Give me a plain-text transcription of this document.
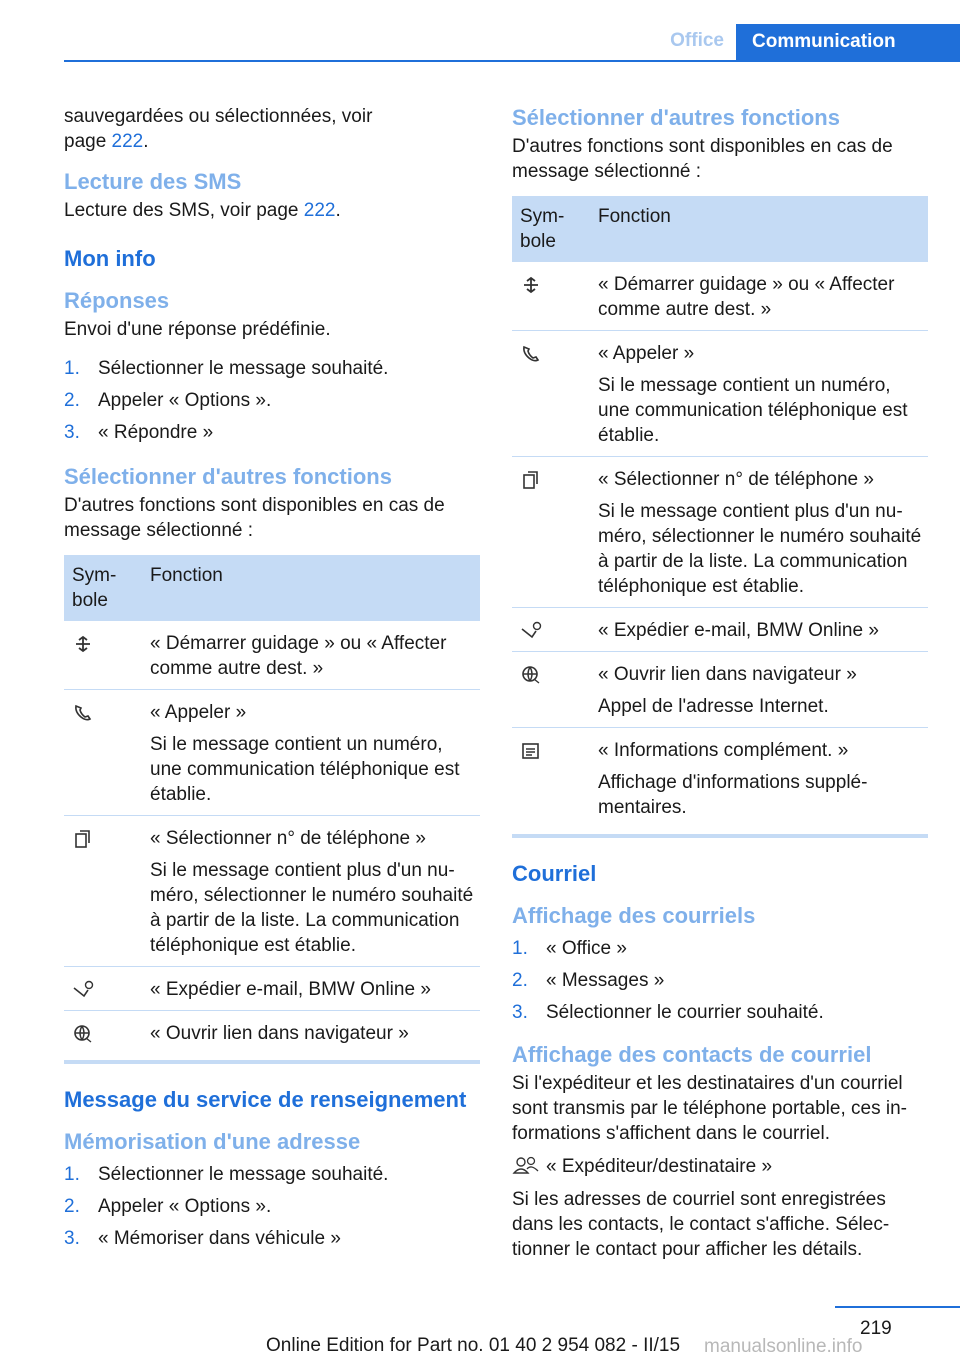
Office	Communication

sauvegardées ou sélectionnées, voir
page 222.

Lecture des SMS

Lecture des SMS, voir page 222.

Mon info
Réponses

Envoi d'une réponse prédéfinie.

1. Sélectionner le message souhaité.
2. Appeler « Options ».
3. « Répondre »
Sélectionner d'autres fonctions

D'autres fonctions sont disponibles en cas de message sélectionné :

Sym-
bole	Fonction

« Démarrer guidage » ou « Affecter comme autre dest. »

« Appeler »
Si le message contient un numéro, une communication téléphonique est établie.

« Sélectionner n° de téléphone »
Si le message contient plus d'un numéro, sélectionner le numéro souhaité à partir de la liste. La communication téléphonique est établie.

« Expédier e-mail, BMW Online »

« Ouvrir lien dans navigateur »
Message du service de renseignement
Mémorisation d'une adresse
1. Sélectionner le message souhaité.
2. Appeler « Options ».
3. « Mémoriser dans véhicule »
Sélectionner d'autres fonctions

D'autres fonctions sont disponibles en cas de message sélectionné :

Sym-
bole	Fonction

« Démarrer guidage » ou « Affecter comme autre dest. »

« Appeler »
Si le message contient un numéro, une communication téléphonique est établie.

« Sélectionner n° de téléphone »
Si le message contient plus d'un numéro, sélectionner le numéro souhaité à partir de la liste. La communication téléphonique est établie.

« Expédier e-mail, BMW Online »

« Ouvrir lien dans navigateur »
Appel de l'adresse Internet.

« Informations complément. »
Affichage d'informations supplémentaires.
Courriel
Affichage des courriels
1. « Office »
2. « Messages »
3. Sélectionner le courrier souhaité.
Affichage des contacts de courriel

Si l'expéditeur et les destinataires d'un courriel sont transmis par le téléphone portable, ces informations s'affichent dans le courriel.

« Expéditeur/destinataire »

Si les adresses de courriel sont enregistrées dans les contacts, le contact s'affiche. Sélectionner le contact pour afficher les détails.

219
Online Edition for Part no. 01 40 2 954 082 - II/15 manualsonline.info
